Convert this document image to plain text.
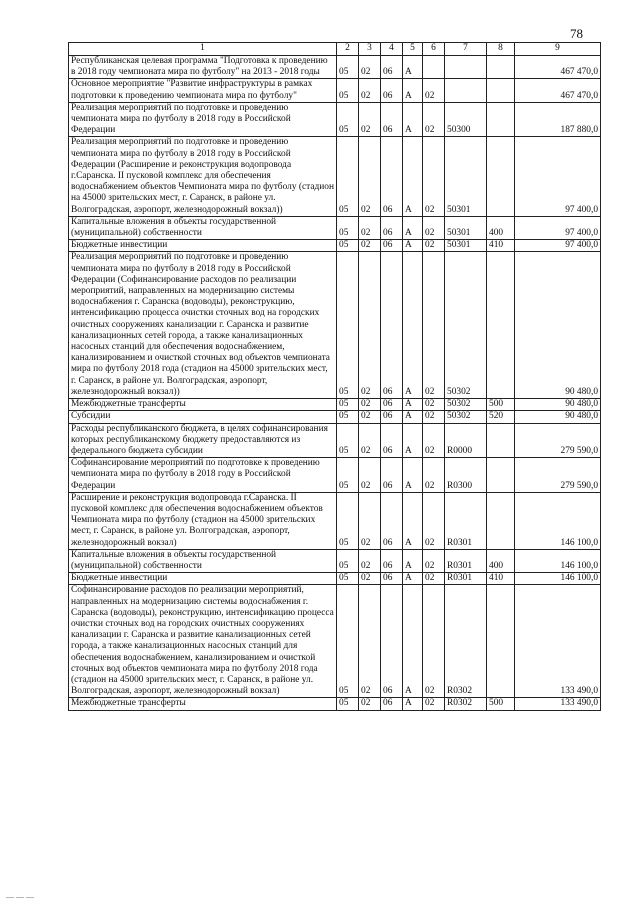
78
1	2	3	4	5	6	7	8	9
Республиканская целевая программа "Подготовка к проведению в 2018 году чемпионата мира по футболу" на 2013 - 2018 годы	05	02	06	А				467 470,0
Основное мероприятие "Развитие инфраструктуры в рамках подготовки к проведению чемпионата мира по футболу"	05	02	06	А	02			467 470,0
Реализация мероприятий по подготовке и проведению чемпионата мира по футболу в 2018 году в Российской Федерации	05	02	06	А	02	50300		187 880,0
Реализация мероприятий по подготовке и проведению чемпионата мира по футболу в 2018 году в Российской Федерации (Расширение и реконструкция водопровода г.Саранска. II пусковой комплекс для обеспечения водоснабжением объектов Чемпионата мира по футболу (стадион на 45000 зрительских мест, г. Саранск, в районе ул. Волгоградская, аэропорт, железнодорожный вокзал))	05	02	06	А	02	50301		97 400,0
Капитальные вложения в объекты государственной (муниципальной) собственности	05	02	06	А	02	50301	400	97 400,0
Бюджетные инвестиции	05	02	06	А	02	50301	410	97 400,0
Реализация мероприятий по подготовке и проведению чемпионата мира по футболу в 2018 году в Российской Федерации (Софинансирование расходов по реализации мероприятий, направленных на модернизацию системы водоснабжения г. Саранска (водоводы), реконструкцию, интенсификацию процесса очистки сточных вод на городских очистных сооружениях канализации г. Саранска и развитие канализационных сетей города, а также канализационных насосных станций для обеспечения водоснабжением, канализированием и очисткой сточных вод объектов чемпионата мира по футболу 2018 года (стадион на 45000 зрительских мест, г. Саранск, в районе ул. Волгоградская, аэропорт, железнодорожный вокзал))	05	02	06	А	02	50302		90 480,0
Межбюджетные трансферты	05	02	06	А	02	50302	500	90 480,0
Субсидии	05	02	06	А	02	50302	520	90 480,0
Расходы республиканского бюджета, в целях софинансирования которых республиканскому бюджету предоставляются из федерального бюджета субсидии	05	02	06	А	02	R0000		279 590,0
Софинансирование мероприятий по подготовке к проведению чемпионата мира по футболу в 2018 году в Российской Федерации	05	02	06	А	02	R0300		279 590,0
Расширение и реконструкция водопровода г.Саранска. II пусковой комплекс для обеспечения водоснабжением объектов Чемпионата мира по футболу (стадион на 45000 зрительских мест, г. Саранск, в районе ул. Волгоградская, аэропорт, железнодорожный вокзал)	05	02	06	А	02	R0301		146 100,0
Капитальные вложения в объекты государственной (муниципальной) собственности	05	02	06	А	02	R0301	400	146 100,0
Бюджетные инвестиции	05	02	06	А	02	R0301	410	146 100,0
Софинансирование расходов по реализации мероприятий, направленных на модернизацию системы водоснабжения г. Саранска (водоводы), реконструкцию, интенсификацию процесса очистки сточных вод на городских очистных сооружениях канализации г. Саранска и развитие канализационных сетей города, а также канализационных насосных станций для обеспечения водоснабжением, канализированием и очисткой сточных вод объектов чемпионата мира по футболу 2018 года (стадион на 45000 зрительских мест, г. Саранск, в районе ул. Волгоградская, аэропорт, железнодорожный вокзал)	05	02	06	А	02	R0302		133 490,0
Межбюджетные трансферты	05	02	06	А	02	R0302	500	133 490,0
— — —
